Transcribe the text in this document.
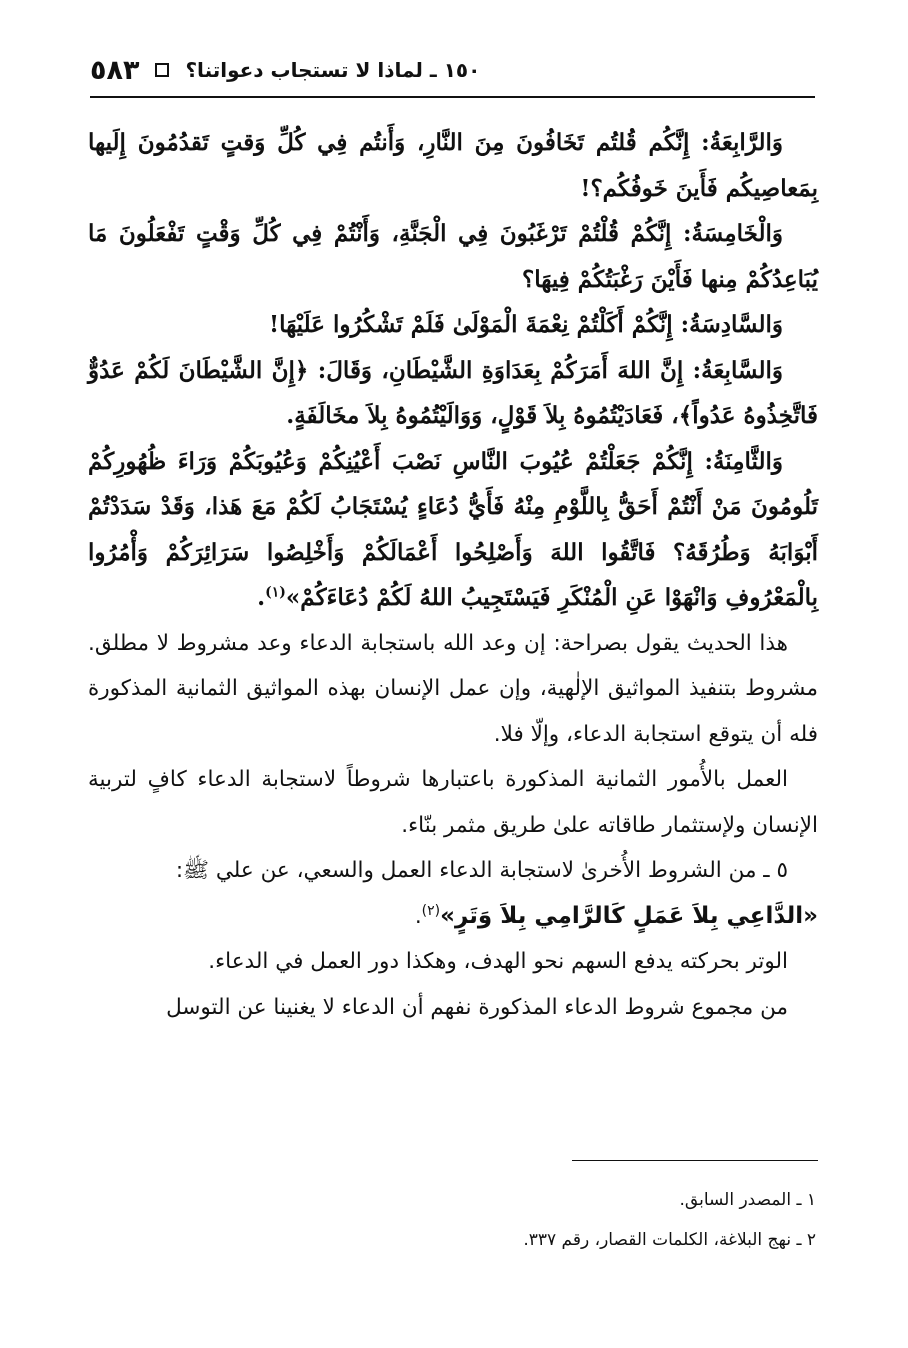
٥٨٣ ١٥٠ ـ لماذا لا تستجاب دعواتنا؟

وَالرَّابِعَةُ: إِنَّكُم قُلتُم تَخَافُونَ مِنَ النَّارِ، وَأَنتُم فِي كُلِّ وَقتٍ تَقدُمُونَ إِلَيها بِمَعاصِيكُم فَأَينَ خَوفُكُم؟!

وَالْخَامِسَةُ: إِنَّكُمْ قُلْتُمْ تَرْغَبُونَ فِي الْجَنَّةِ، وَأَنْتُمْ فِي كُلِّ وَقْتٍ تَفْعَلُونَ مَا يُبَاعِدُكُمْ مِنها فَأَيْنَ رَغْبَتُكُمْ فِيهَا؟

وَالسَّادِسَةُ: إِنَّكُمْ أَكَلْتُمْ نِعْمَةَ الْمَوْلَىٰ فَلَمْ تَشْكُرُوا عَلَيْهَا!

وَالسَّابِعَةُ: إِنَّ اللهَ أَمَرَكُمْ بِعَدَاوَةِ الشَّيْطَانِ، وَقَالَ: ﴿إِنَّ الشَّيْطَانَ لَكُمْ عَدُوٌّ فَاتَّخِذُوهُ عَدُواً﴾، فَعَادَيْتُمُوهُ بِلاَ قَوْلٍ، وَوَالَيْتُمُوهُ بِلاَ مخَالَفَةٍ.

وَالثَّامِنَةُ: إِنَّكُمْ جَعَلْتُمْ عُيُوبَ النَّاسِ نَصْبَ أَعْيُنِكُمْ وَعُيُوبَكُمْ وَرَاءَ ظُهُورِكُمْ تَلُومُونَ مَنْ أَنْتُمْ أَحَقُّ بِاللَّوْمِ مِنْهُ فَأَيُّ دُعَاءٍ يُسْتَجَابُ لَكُمْ مَعَ هَذا، وَقَدْ سَدَدْتُمْ أَبْوَابَهُ وَطُرُقَهُ؟ فَاتَّقُوا اللهَ وَأَصْلِحُوا أَعْمَالَكُمْ وَأَخْلِصُوا سَرَائِرَكُمْ وَأْمُرُوا بِالْمَعْرُوفِ وَانْهَوْا عَنِ الْمُنْكَرِ فَيَسْتَجِيبُ اللهُ لَكُمْ دُعَاءَكُمْ»$^{(١)}$.

هذا الحديث يقول بصراحة: إن وعد الله باستجابة الدعاء وعد مشروط لا مطلق. مشروط بتنفيذ المواثيق الإلٰهية، وإن عمل الإنسان بهذه المواثيق الثمانية المذكورة فله أن يتوقع استجابة الدعاء، وإلّا فلا.

العمل بالأُمور الثمانية المذكورة باعتبارها شروطاً لاستجابة الدعاء كافٍ لتربية الإنسان ولإستثمار طاقاته علىٰ طريق مثمر بنّاء.

٥ ـ من الشروط الأُخرىٰ لاستجابة الدعاء العمل والسعي، عن علي ﷺ:
«الدَّاعِي بِلاَ عَمَلٍ كَالرَّامِي بِلاَ وَتَرٍ»$^{(٢)}$.

الوتر بحركته يدفع السهم نحو الهدف، وهكذا دور العمل في الدعاء.

من مجموع شروط الدعاء المذكورة نفهم أن الدعاء لا يغنينا عن التوسل

١ ـ المصدر السابق.

٢ ـ نهج البلاغة، الكلمات القصار، رقم ٣٣٧.
